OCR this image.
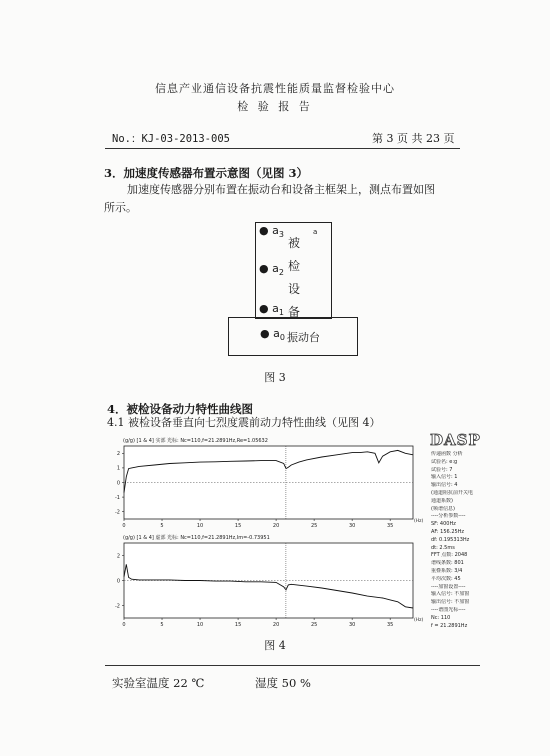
信息产业通信设备抗震性能质量监督检验中心
检 验 报 告
No.：KJ-03-2013-005	第 3 页 共 23 页
3．加速度传感器布置示意图（见图 3）
加速度传感器分别布置在振动台和设备主框架上，测点布置如图
所示。
被
检
设
备
a
● $a_3$
● $a_2$
● $a_1$
● $a_0$ 振动台
图 3
4．被检设备动力特性曲线图
4.1 被检设备垂直向七烈度震前动力特性曲线（见图 4）
(g/g) [1 & 4] 实部 光标: Nc=110,f=21.2891Hz,Re=1.05632
0	5	10	15	20	25	30	35
2
1
0
-1
-2
(Hz)
(g/g) [1 & 4] 虚部 光标: Nc=110,f=21.2891Hz,Im=-0.73951
0	5	10	15	20	25	30	35
2
0
-2
(Hz)
DASP
传递函数 分析
试验名: e:g
试验号: 7
输入信号: 1
输出信号: 4
(通道阻抗前开关电
通道系数)
(频谱信息)
----分析参数----
SF: 400Hz
AF: 156.25Hz
df: 0.195313Hz
dt: 2.5ms
FFT 点数: 2048
谱线条数: 801
重叠系数: 3/4
平均次数: 45
----加窗设置----
输入信号: 不加窗
输出信号: 不加窗
----谱图光标----
Nc: 110
f = 21.2891Hz
图 4
实验室温度 22 ℃	湿度 50 %
